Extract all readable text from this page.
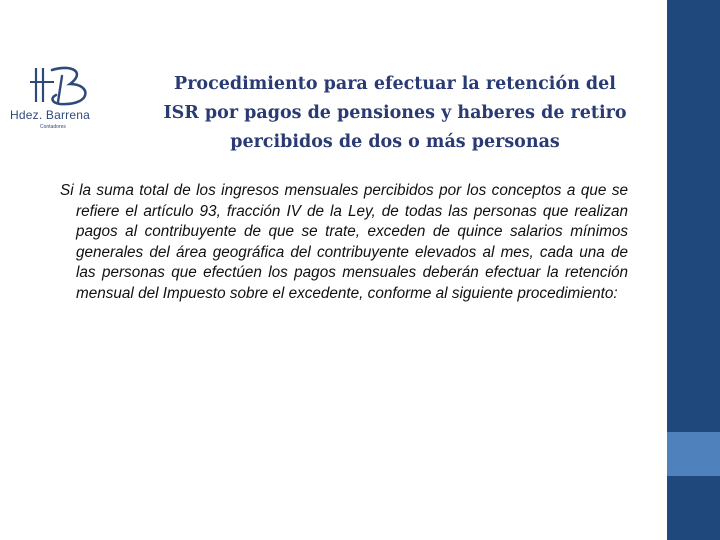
Hdez. Barrena
Contadores
Procedimiento para efectuar la retención del
ISR por pagos de pensiones y haberes de retiro
percibidos de dos o más personas

Si la suma total de los ingresos mensuales percibidos por los conceptos a que se refiere el artículo 93, fracción IV de la Ley, de todas las personas que realizan pagos al contribuyente de que se trate, exceden de quince salarios mínimos generales del área geográfica del contribuyente elevados al mes, cada una de las personas que efectúen los pagos mensuales deberán efectuar la retención mensual del Impuesto sobre el excedente, conforme al siguiente procedimiento:
